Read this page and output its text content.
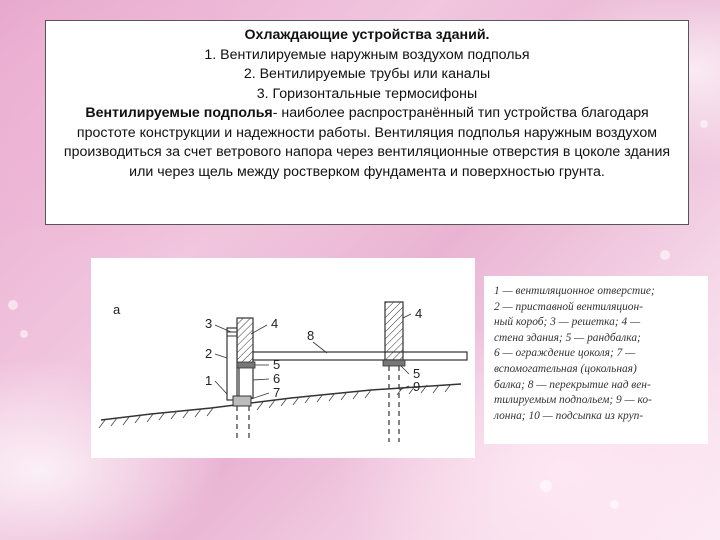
Охлаждающие устройства зданий.
1. Вентилируемые наружным воздухом подполья
2. Вентилируемые трубы или каналы
3. Горизонтальные термосифоны
Вентилируемые подполья- наиболее распространённый тип устройства благодаря простоте конструкции и надежности работы. Вентиляция подполья наружным воздухом производиться за счет ветрового напора через вентиляционные отверстия в цоколе здания или через щель между ростверком фундамента и поверхностью грунта.
а
3
2
1
4
5
6
7
8
4
5
9
1 — вентиляционное отверстие;
2 — приставной вентиляцион-
ный короб; 3 — решетка; 4 —
стена здания; 5 — рандбалка;
6 — ограждение цоколя; 7 —
вспомогательная (цокольная)
балка; 8 — перекрытие над вен-
тилируемым подпольем; 9 — ко-
лонна; 10 — подсыпка из круп-
